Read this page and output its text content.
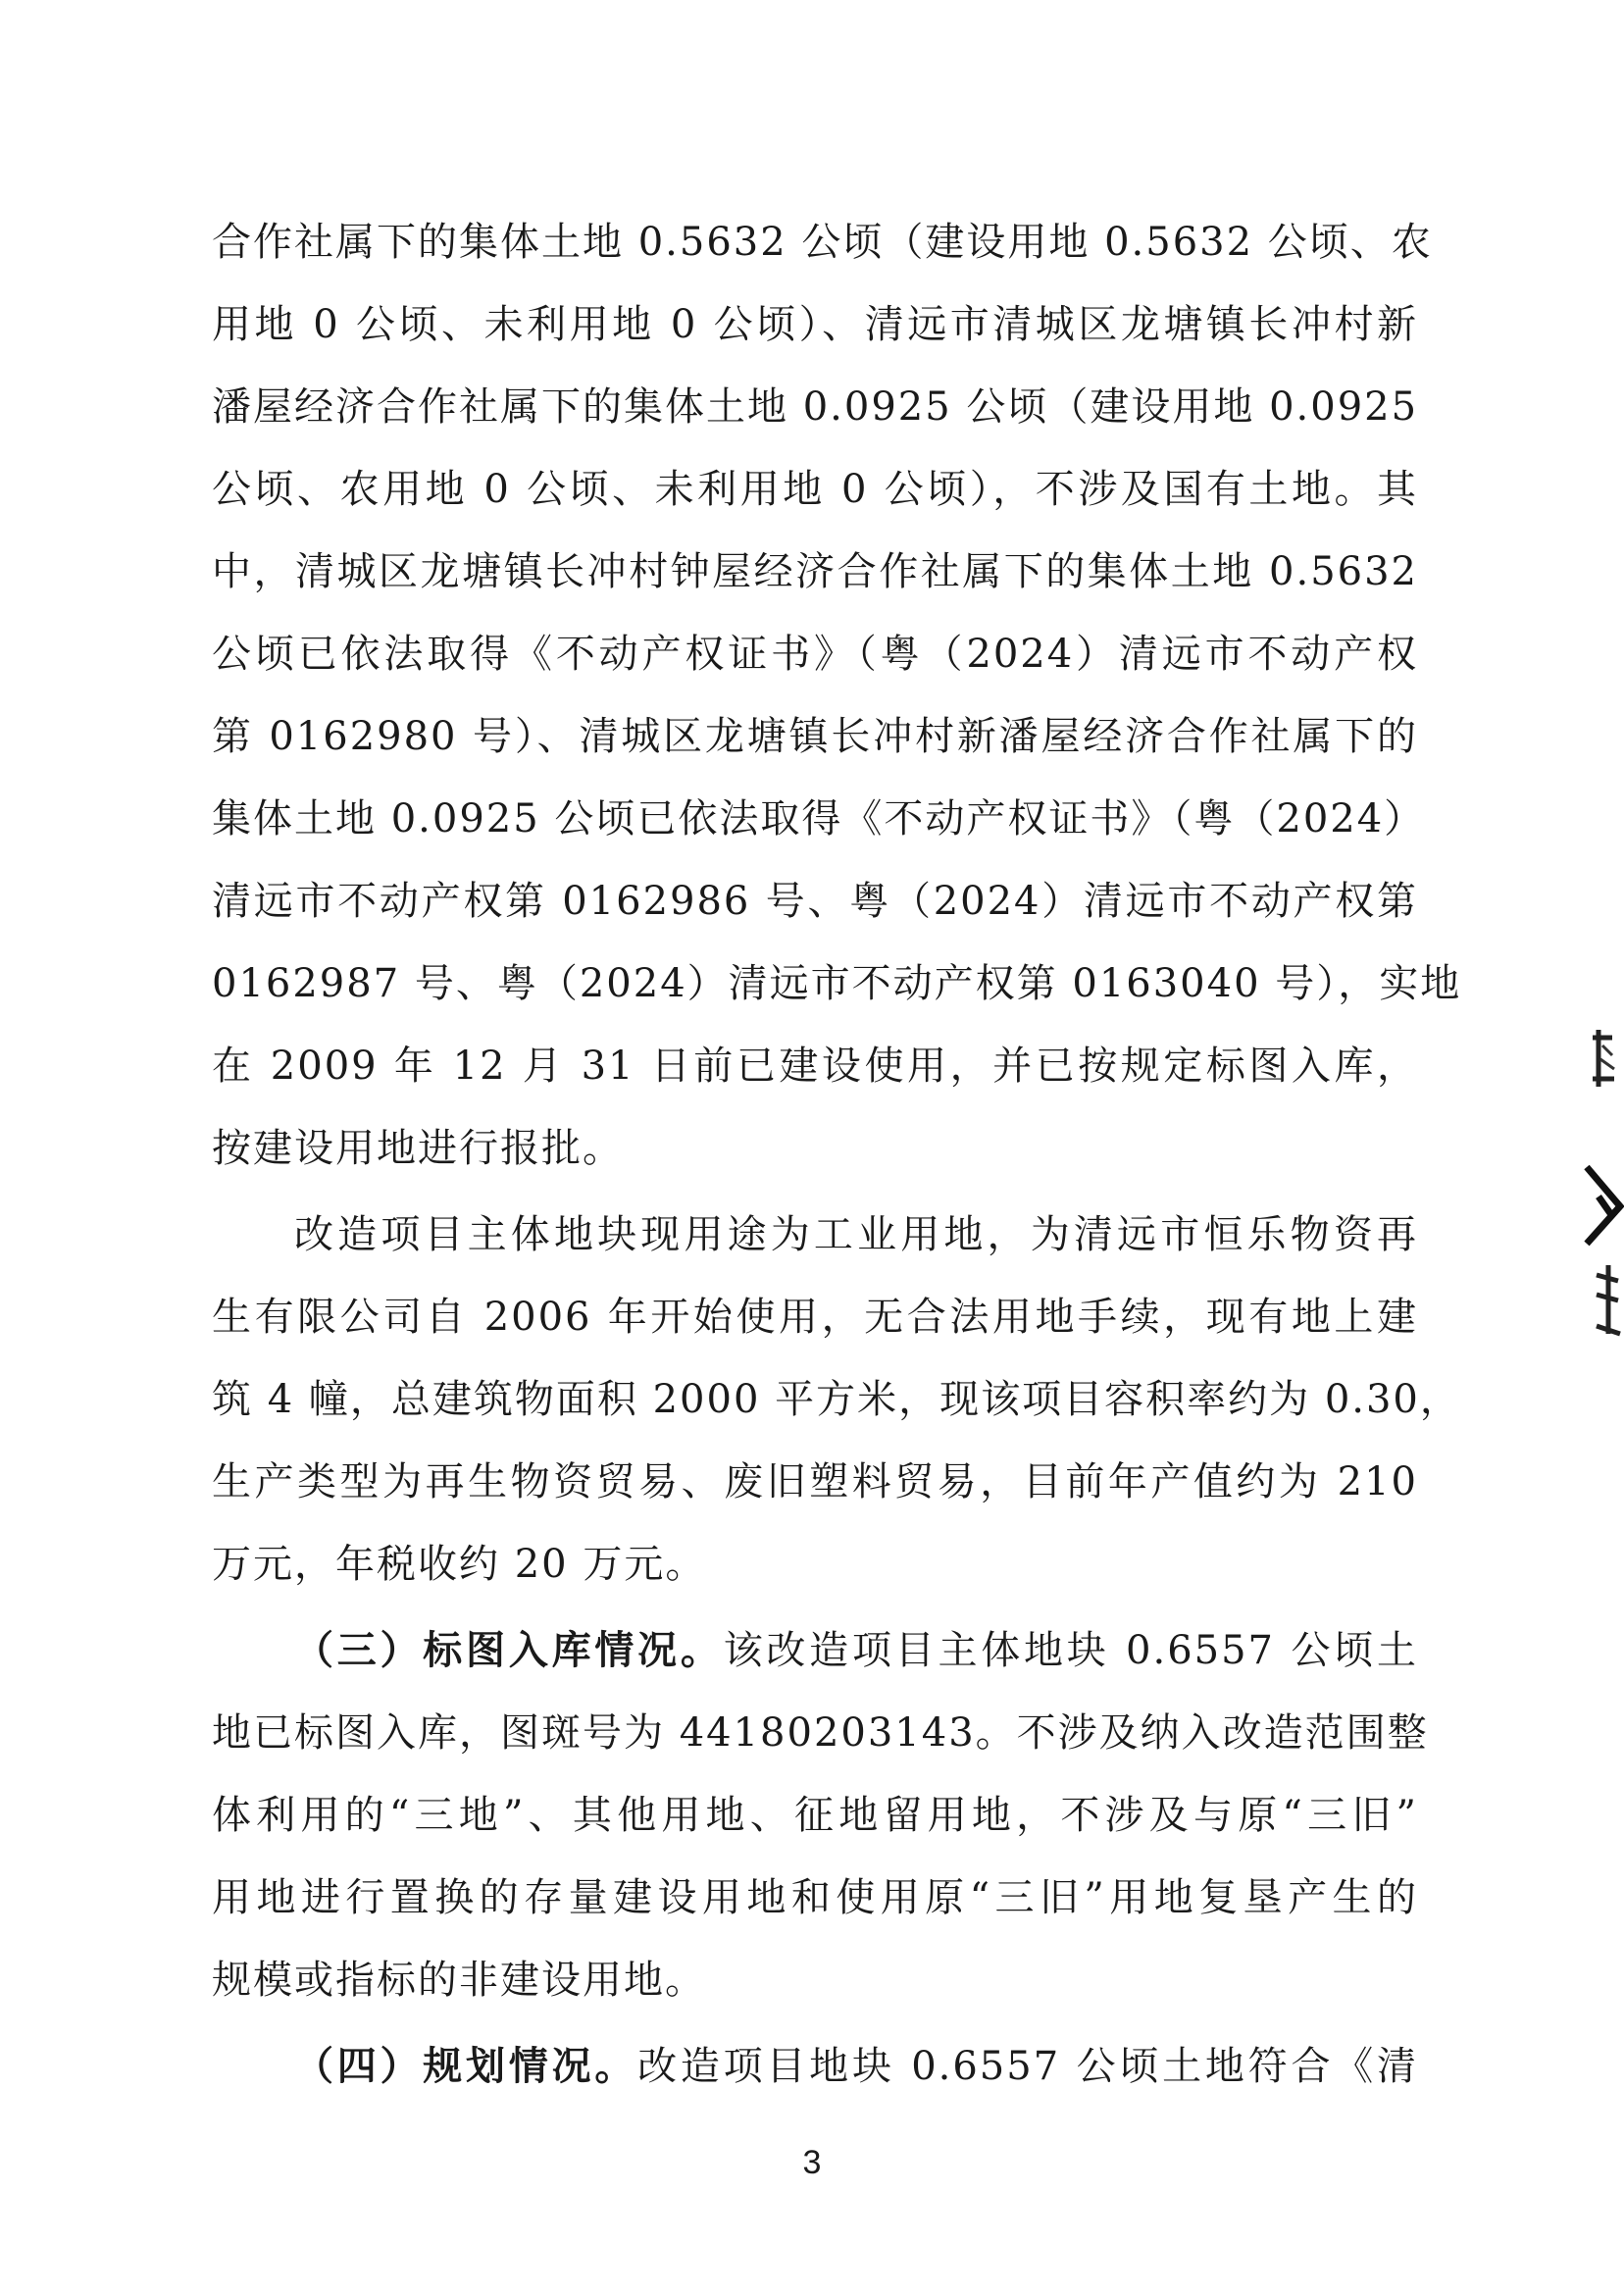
合作社属下的集体土地 0.5632 公顷（建设用地 0.5632 公顷、农
用地 0 公顷、未利用地 0 公顷）、清远市清城区龙塘镇长冲村新
潘屋经济合作社属下的集体土地 0.0925 公顷（建设用地 0.0925
公顷、农用地 0 公顷、未利用地 0 公顷），不涉及国有土地。其
中，清城区龙塘镇长冲村钟屋经济合作社属下的集体土地 0.5632
公顷已依法取得《不动产权证书》（粤（2024）清远市不动产权
第 0162980 号）、清城区龙塘镇长冲村新潘屋经济合作社属下的
集体土地 0.0925 公顷已依法取得《不动产权证书》（粤（2024）
清远市不动产权第 0162986 号、粤（2024）清远市不动产权第
0162987 号、粤（2024）清远市不动产权第 0163040 号），实地
在 2009 年 12 月 31 日前已建设使用，并已按规定标图入库，
按建设用地进行报批。
改造项目主体地块现用途为工业用地，为清远市恒乐物资再
生有限公司自 2006 年开始使用，无合法用地手续，现有地上建
筑 4 幢，总建筑物面积 2000 平方米，现该项目容积率约为 0.30，
生产类型为再生物资贸易、废旧塑料贸易，目前年产值约为 210
万元，年税收约 20 万元。
（三）标图入库情况。该改造项目主体地块 0.6557 公顷土
地已标图入库，图斑号为 44180203143。不涉及纳入改造范围整
体利用的“三地”、其他用地、征地留用地，不涉及与原“三旧”
用地进行置换的存量建设用地和使用原“三旧”用地复垦产生的
规模或指标的非建设用地。
（四）规划情况。改造项目地块 0.6557 公顷土地符合《清
3
